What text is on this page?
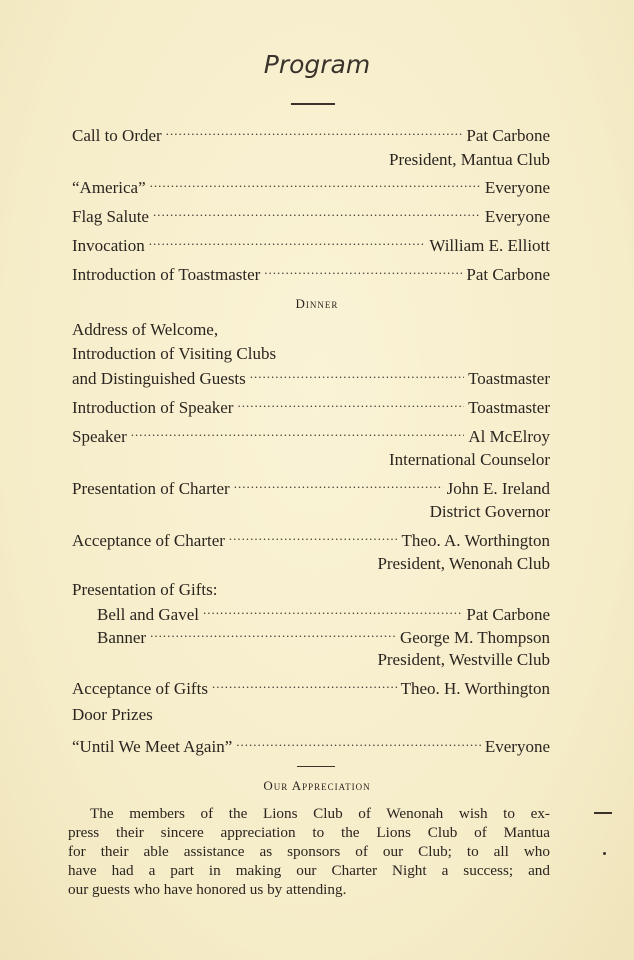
Program
Call to Order .....	Pat Carbone
President, Mantua Club
“America” .....	Everyone
Flag Salute .....	Everyone
Invocation .....	William E. Elliott
Introduction of Toastmaster .....	Pat Carbone
Dinner
Address of Welcome,
Introduction of Visiting Clubs
and Distinguished Guests .....	Toastmaster
Introduction of Speaker .....	Toastmaster
Speaker .....	Al McElroy
International Counselor
Presentation of Charter .....	John E. Ireland
District Governor
Acceptance of Charter .....	Theo. A. Worthington
President, Wenonah Club
Presentation of Gifts:
Bell and Gavel .....	Pat Carbone
Banner .....	George M. Thompson
President, Westville Club
Acceptance of Gifts .....	Theo. H. Worthington
Door Prizes
“Until We Meet Again” .....	Everyone
Our Appreciation
The members of the Lions Club of Wenonah wish to ex-
press their sincere appreciation to the Lions Club of Mantua
for their able assistance as sponsors of our Club; to all who
have had a part in making our Charter Night a success; and
our guests who have honored us by attending.
